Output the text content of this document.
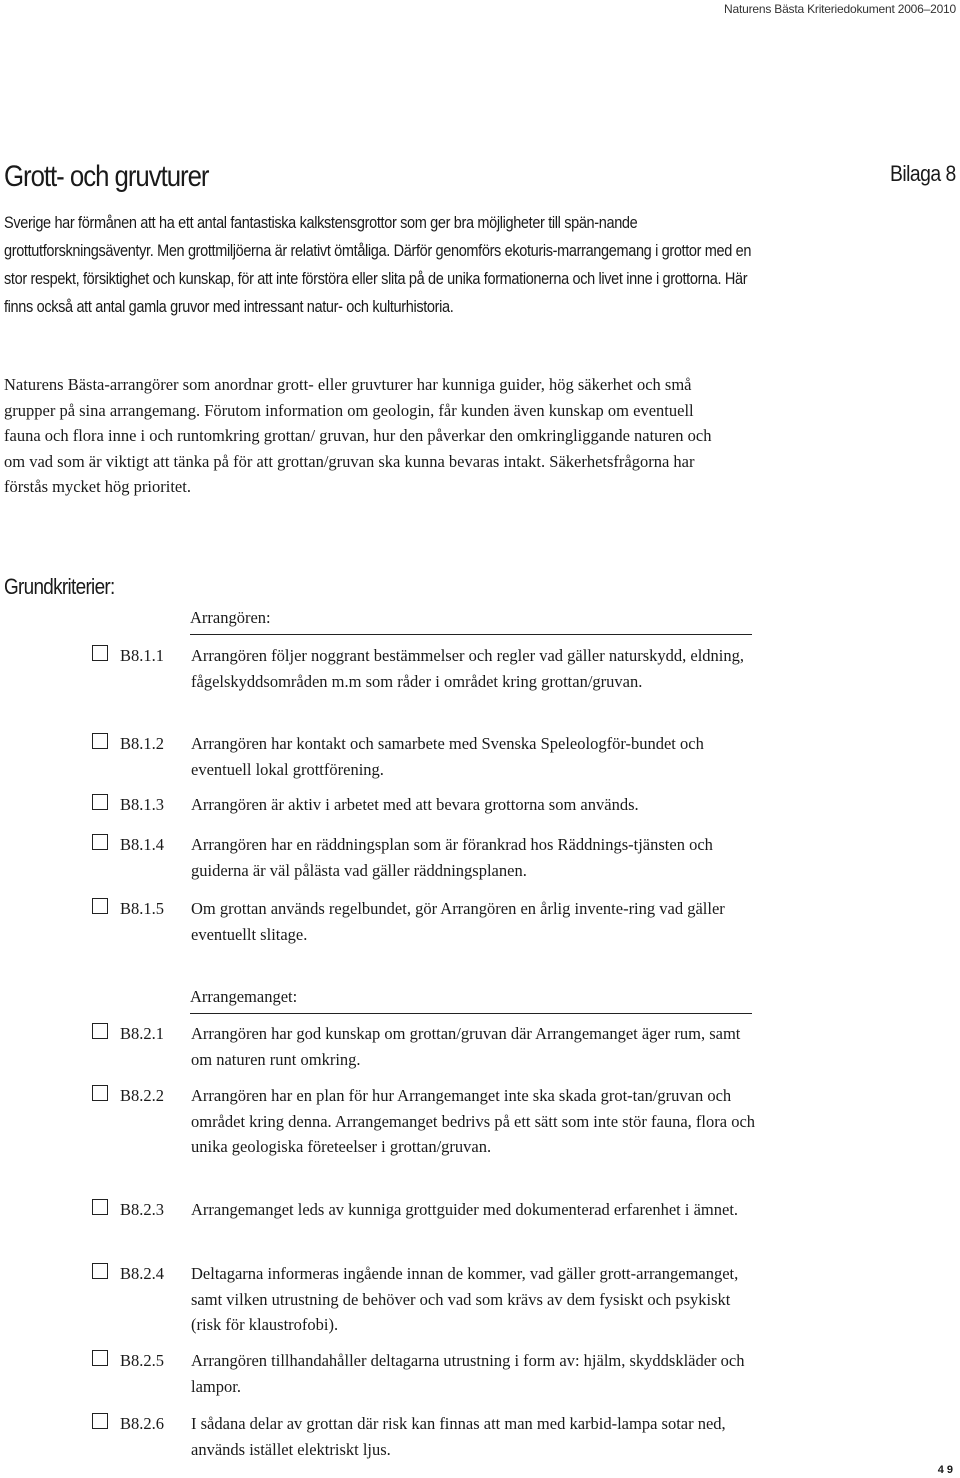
Naturens Bästa Kriteriedokument 2006–2010
Grott- och gruvturer	Bilaga 8

Sverige har förmånen att ha ett antal fantastiska kalkstensgrottor som ger bra möjligheter till spän-nande grottutforskningsäventyr. Men grottmiljöerna är relativt ömtåliga. Därför genomförs ekoturis-marrangemang i grottor med en stor respekt, försiktighet och kunskap, för att inte förstöra eller slita på de unika formationerna och livet inne i grottorna. Här finns också att antal gamla gruvor med intressant natur- och kulturhistoria.

Naturens Bästa-arrangörer som anordnar grott- eller gruvturer har kunniga guider, hög säkerhet och små grupper på sina arrangemang. Förutom information om geologin, får kunden även kunskap om eventuell fauna och flora inne i och runtomkring grottan/ gruvan, hur den påverkar den omkringliggande naturen och om vad som är viktigt att tänka på för att grottan/gruvan ska kunna bevaras intakt. Säkerhetsfrågorna har förstås mycket hög prioritet.

Grundkriterier:
Arrangören:
B8.1.1 Arrangören följer noggrant bestämmelser och regler vad gäller naturskydd, eldning, fågelskyddsområden m.m som råder i området kring grottan/gruvan.
B8.1.2 Arrangören har kontakt och samarbete med Svenska Speleologför-bundet och eventuell lokal grottförening.
B8.1.3 Arrangören är aktiv i arbetet med att bevara grottorna som används.
B8.1.4 Arrangören har en räddningsplan som är förankrad hos Räddnings-tjänsten och guiderna är väl pålästa vad gäller räddningsplanen.
B8.1.5 Om grottan används regelbundet, gör Arrangören en årlig invente-ring vad gäller eventuellt slitage.
Arrangemanget:
B8.2.1 Arrangören har god kunskap om grottan/gruvan där Arrangemanget äger rum, samt om naturen runt omkring.
B8.2.2 Arrangören har en plan för hur Arrangemanget inte ska skada grot-tan/gruvan och området kring denna. Arrangemanget bedrivs på ett sätt som inte stör fauna, flora och unika geologiska företeelser i grottan/gruvan.
B8.2.3 Arrangemanget leds av kunniga grottguider med dokumenterad erfarenhet i ämnet.
B8.2.4 Deltagarna informeras ingående innan de kommer, vad gäller grott-arrangemanget, samt vilken utrustning de behöver och vad som krävs av dem fysiskt och psykiskt (risk för klaustrofobi).
B8.2.5 Arrangören tillhandahåller deltagarna utrustning i form av: hjälm, skyddskläder och lampor.
B8.2.6 I sådana delar av grottan där risk kan finnas att man med karbid-lampa sotar ned, används istället elektriskt ljus.
49
